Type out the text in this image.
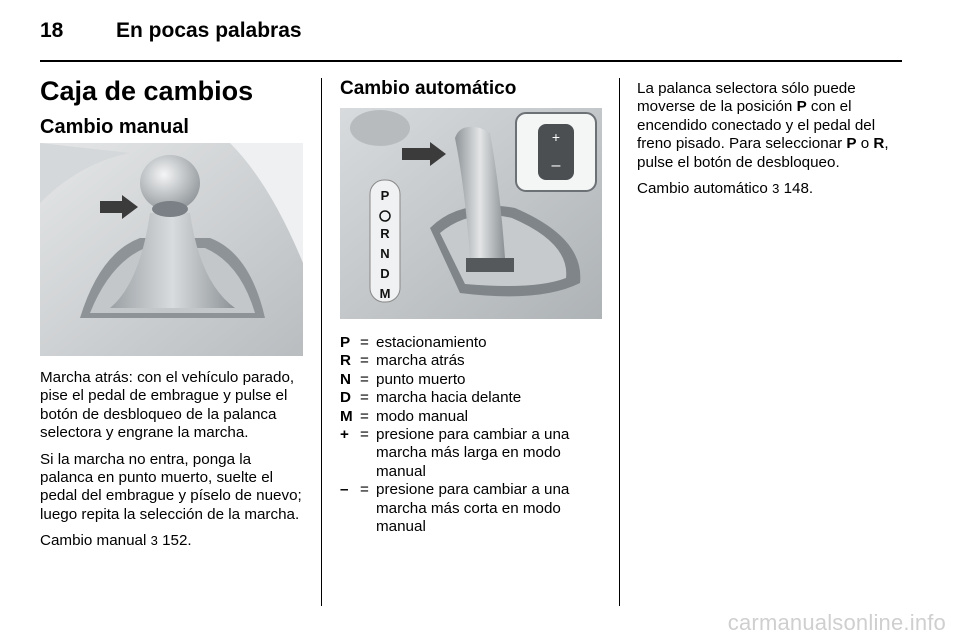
18	En pocas palabras
Caja de cambios
Cambio manual

Marcha atrás: con el vehículo parado, pise el pedal de embrague y pulse el botón de desbloqueo de la palanca selectora y engrane la marcha.

Si la marcha no entra, ponga la palanca en punto muerto, suelte el pedal del embrague y píselo de nuevo; luego repita la selección de la marcha.

Cambio manual 3 152.

Cambio automático
+
–
P
R
N
D
M
P = estacionamiento
R = marcha atrás
N = punto muerto
D = marcha hacia delante
M = modo manual
+ = presione para cambiar a una marcha más larga en modo manual
– = presione para cambiar a una marcha más corta en modo manual

La palanca selectora sólo puede moverse de la posición P con el encendido conectado y el pedal del freno pisado. Para seleccionar P o R, pulse el botón de desbloqueo.

Cambio automático 3 148.

carmanualsonline.info
